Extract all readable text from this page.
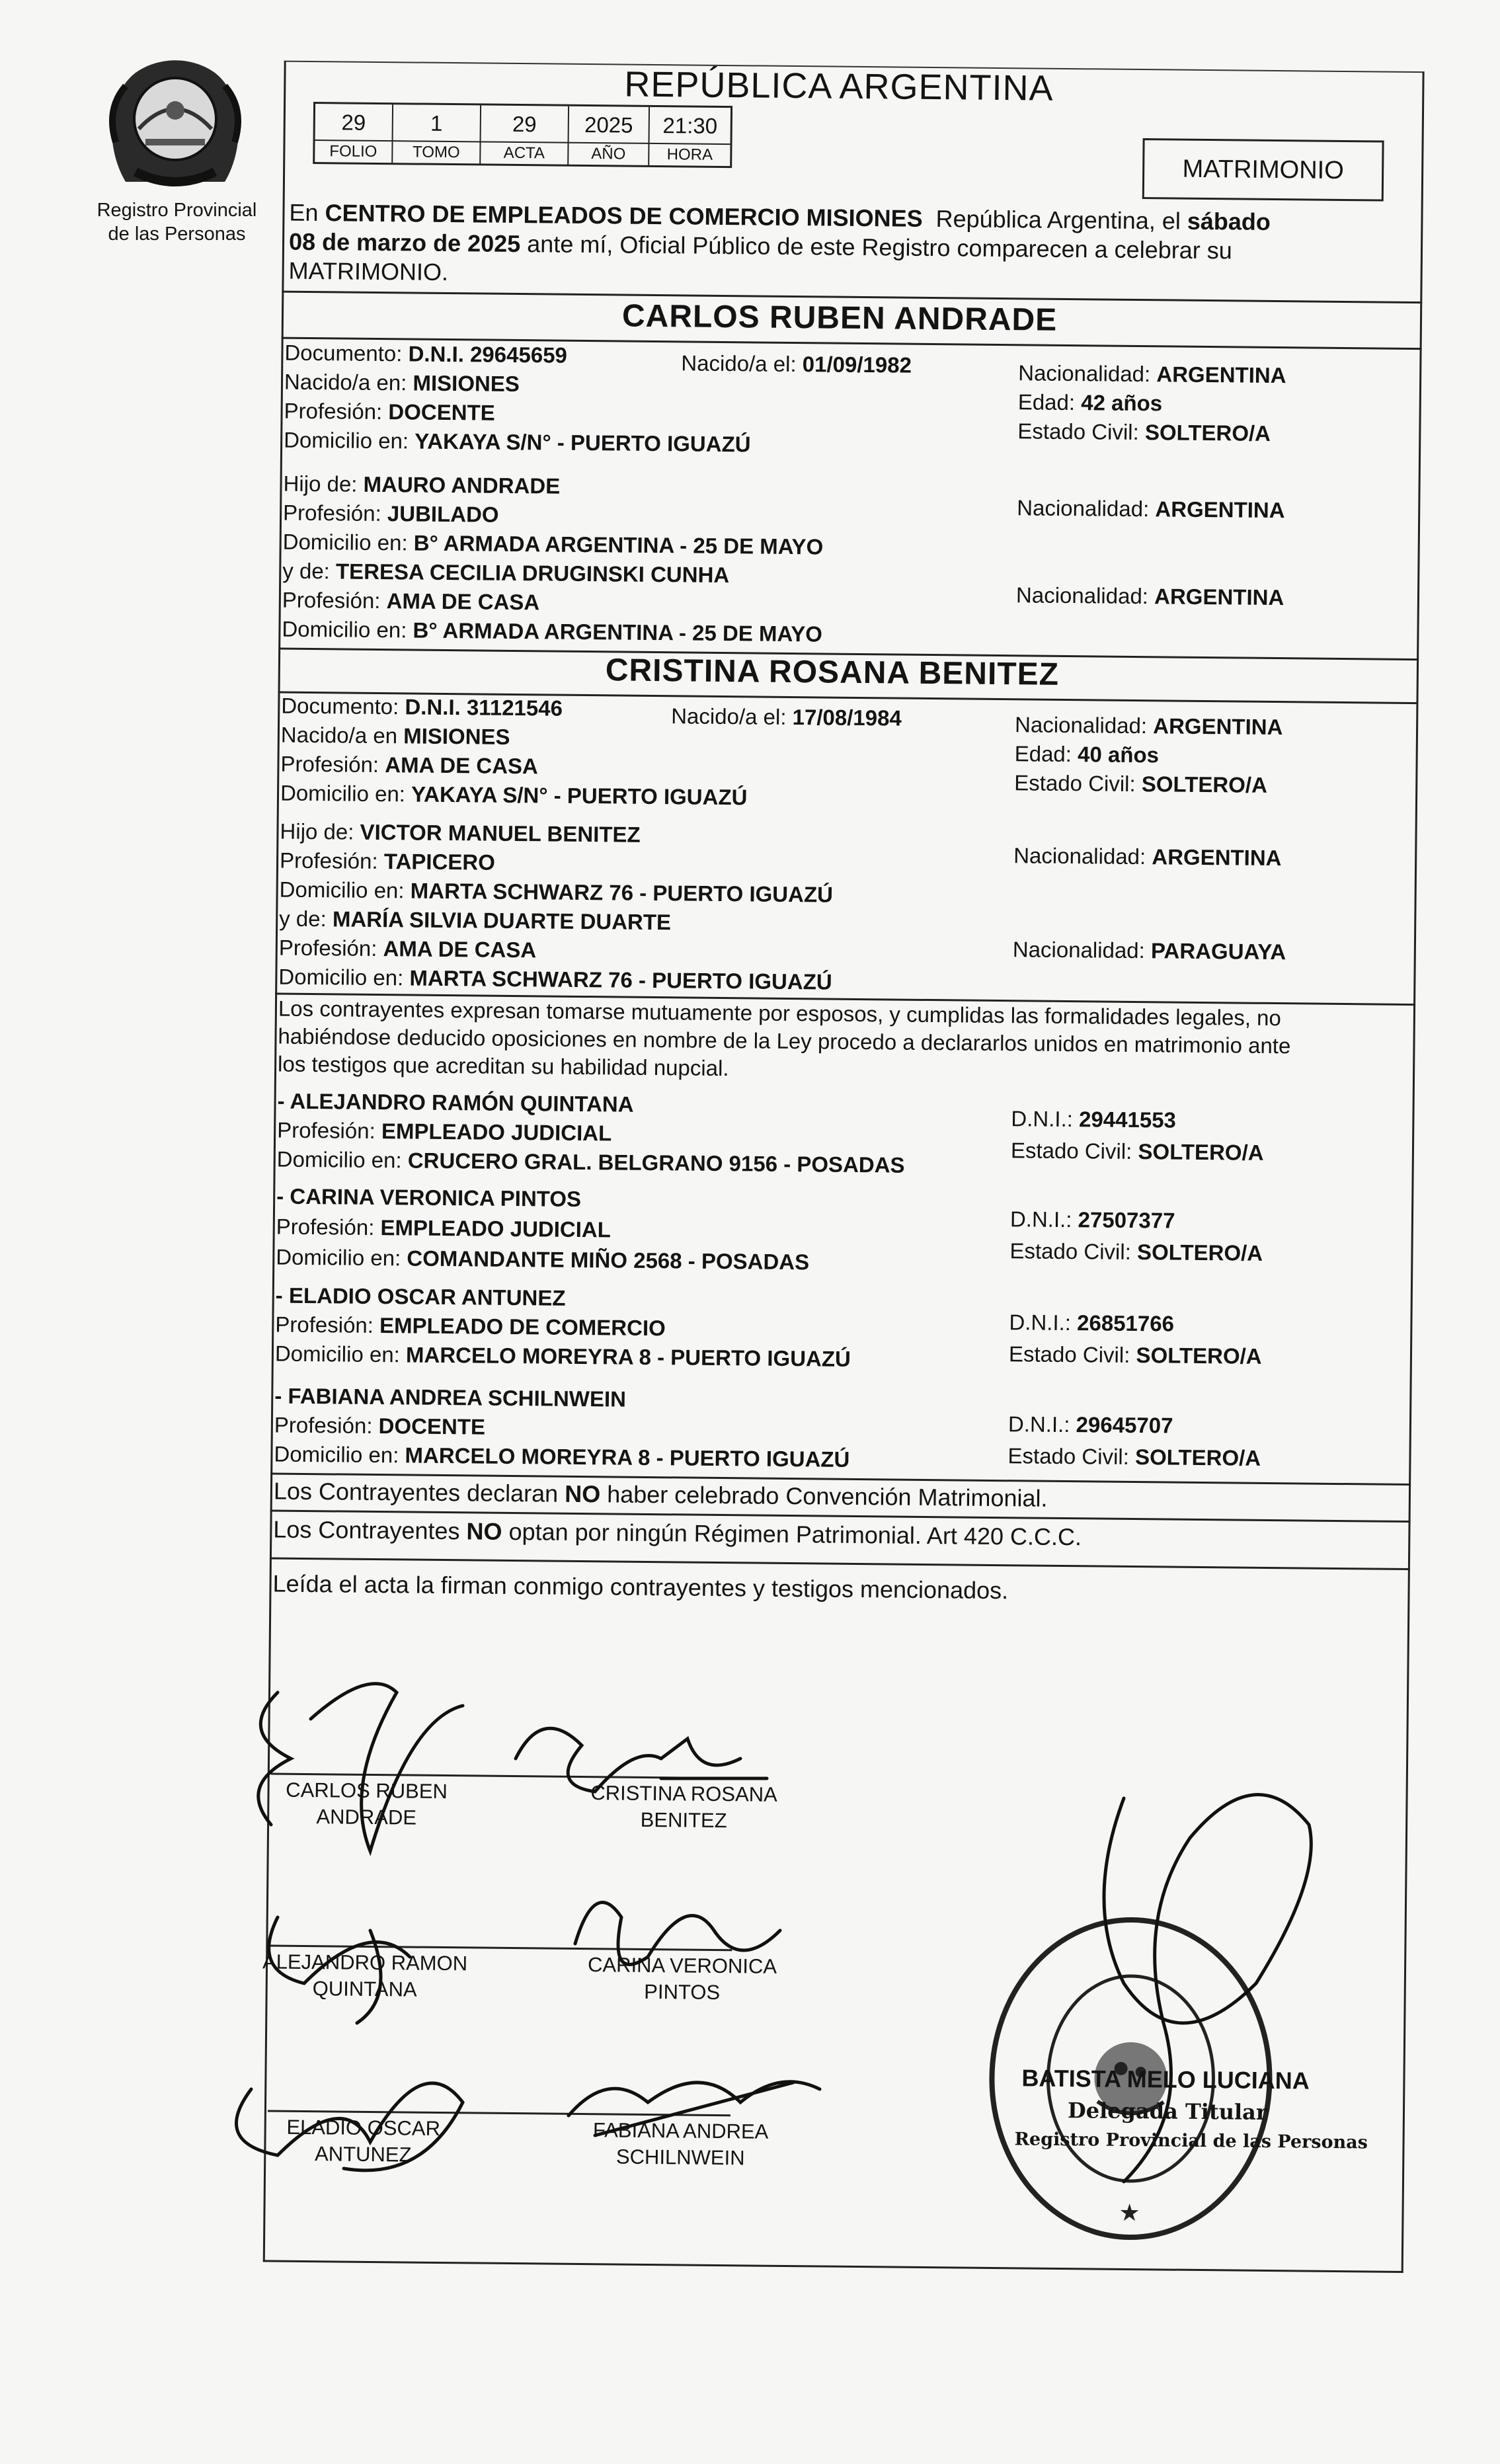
Registro Provincial
de las Personas
REPÚBLICA ARGENTINA
29	1	29	2025	21:30
FOLIO	TOMO	ACTA	AÑO	HORA
MATRIMONIO
En CENTRO DE EMPLEADOS DE COMERCIO MISIONES República Argentina, el sábado
08 de marzo de 2025 ante mí, Oficial Público de este Registro comparecen a celebrar su
MATRIMONIO.
CARLOS RUBEN ANDRADE
Documento: D.N.I. 29645659	Nacido/a el: 01/09/1982	Nacionalidad: ARGENTINA
Nacido/a en: MISIONES
Edad: 42 años
Profesión: DOCENTE
Estado Civil: SOLTERO/A
Domicilio en: YAKAYA S/N° - PUERTO IGUAZÚ
Hijo de: MAURO ANDRADE
Nacionalidad: ARGENTINA
Profesión: JUBILADO
Domicilio en: B° ARMADA ARGENTINA - 25 DE MAYO
y de: TERESA CECILIA DRUGINSKI CUNHA
Nacionalidad: ARGENTINA
Profesión: AMA DE CASA
Domicilio en: B° ARMADA ARGENTINA - 25 DE MAYO
CRISTINA ROSANA BENITEZ
Documento: D.N.I. 31121546	Nacido/a el: 17/08/1984	Nacionalidad: ARGENTINA
Nacido/a en MISIONES
Edad: 40 años
Profesión: AMA DE CASA
Estado Civil: SOLTERO/A
Domicilio en: YAKAYA S/N° - PUERTO IGUAZÚ
Hijo de: VICTOR MANUEL BENITEZ
Nacionalidad: ARGENTINA
Profesión: TAPICERO
Domicilio en: MARTA SCHWARZ 76 - PUERTO IGUAZÚ
y de: MARÍA SILVIA DUARTE DUARTE
Nacionalidad: PARAGUAYA
Profesión: AMA DE CASA
Domicilio en: MARTA SCHWARZ 76 - PUERTO IGUAZÚ
Los contrayentes expresan tomarse mutuamente por esposos, y cumplidas las formalidades legales, no
habiéndose deducido oposiciones en nombre de la Ley procedo a declararlos unidos en matrimonio ante
los testigos que acreditan su habilidad nupcial.
- ALEJANDRO RAMÓN QUINTANA
D.N.I.: 29441553
Profesión: EMPLEADO JUDICIAL
Estado Civil: SOLTERO/A
Domicilio en: CRUCERO GRAL. BELGRANO 9156 - POSADAS
- CARINA VERONICA PINTOS
D.N.I.: 27507377
Profesión: EMPLEADO JUDICIAL
Estado Civil: SOLTERO/A
Domicilio en: COMANDANTE MIÑO 2568 - POSADAS
- ELADIO OSCAR ANTUNEZ
D.N.I.: 26851766
Profesión: EMPLEADO DE COMERCIO
Estado Civil: SOLTERO/A
Domicilio en: MARCELO MOREYRA 8 - PUERTO IGUAZÚ
- FABIANA ANDREA SCHILNWEIN
D.N.I.: 29645707
Profesión: DOCENTE
Estado Civil: SOLTERO/A
Domicilio en: MARCELO MOREYRA 8 - PUERTO IGUAZÚ
Los Contrayentes declaran NO haber celebrado Convención Matrimonial.
Los Contrayentes NO optan por ningún Régimen Patrimonial. Art 420 C.C.C.
Leída el acta la firman conmigo contrayentes y testigos mencionados.
CARLOS RUBEN
ANDRADE
CRISTINA ROSANA
BENITEZ
ALEJANDRO RAMON
QUINTANA
CARINA VERONICA
PINTOS
ELADIO OSCAR
ANTUNEZ
FABIANA ANDREA
SCHILNWEIN
★
BATISTA MELO LUCIANA
Delegada Titular
Registro Provincial de las Personas
